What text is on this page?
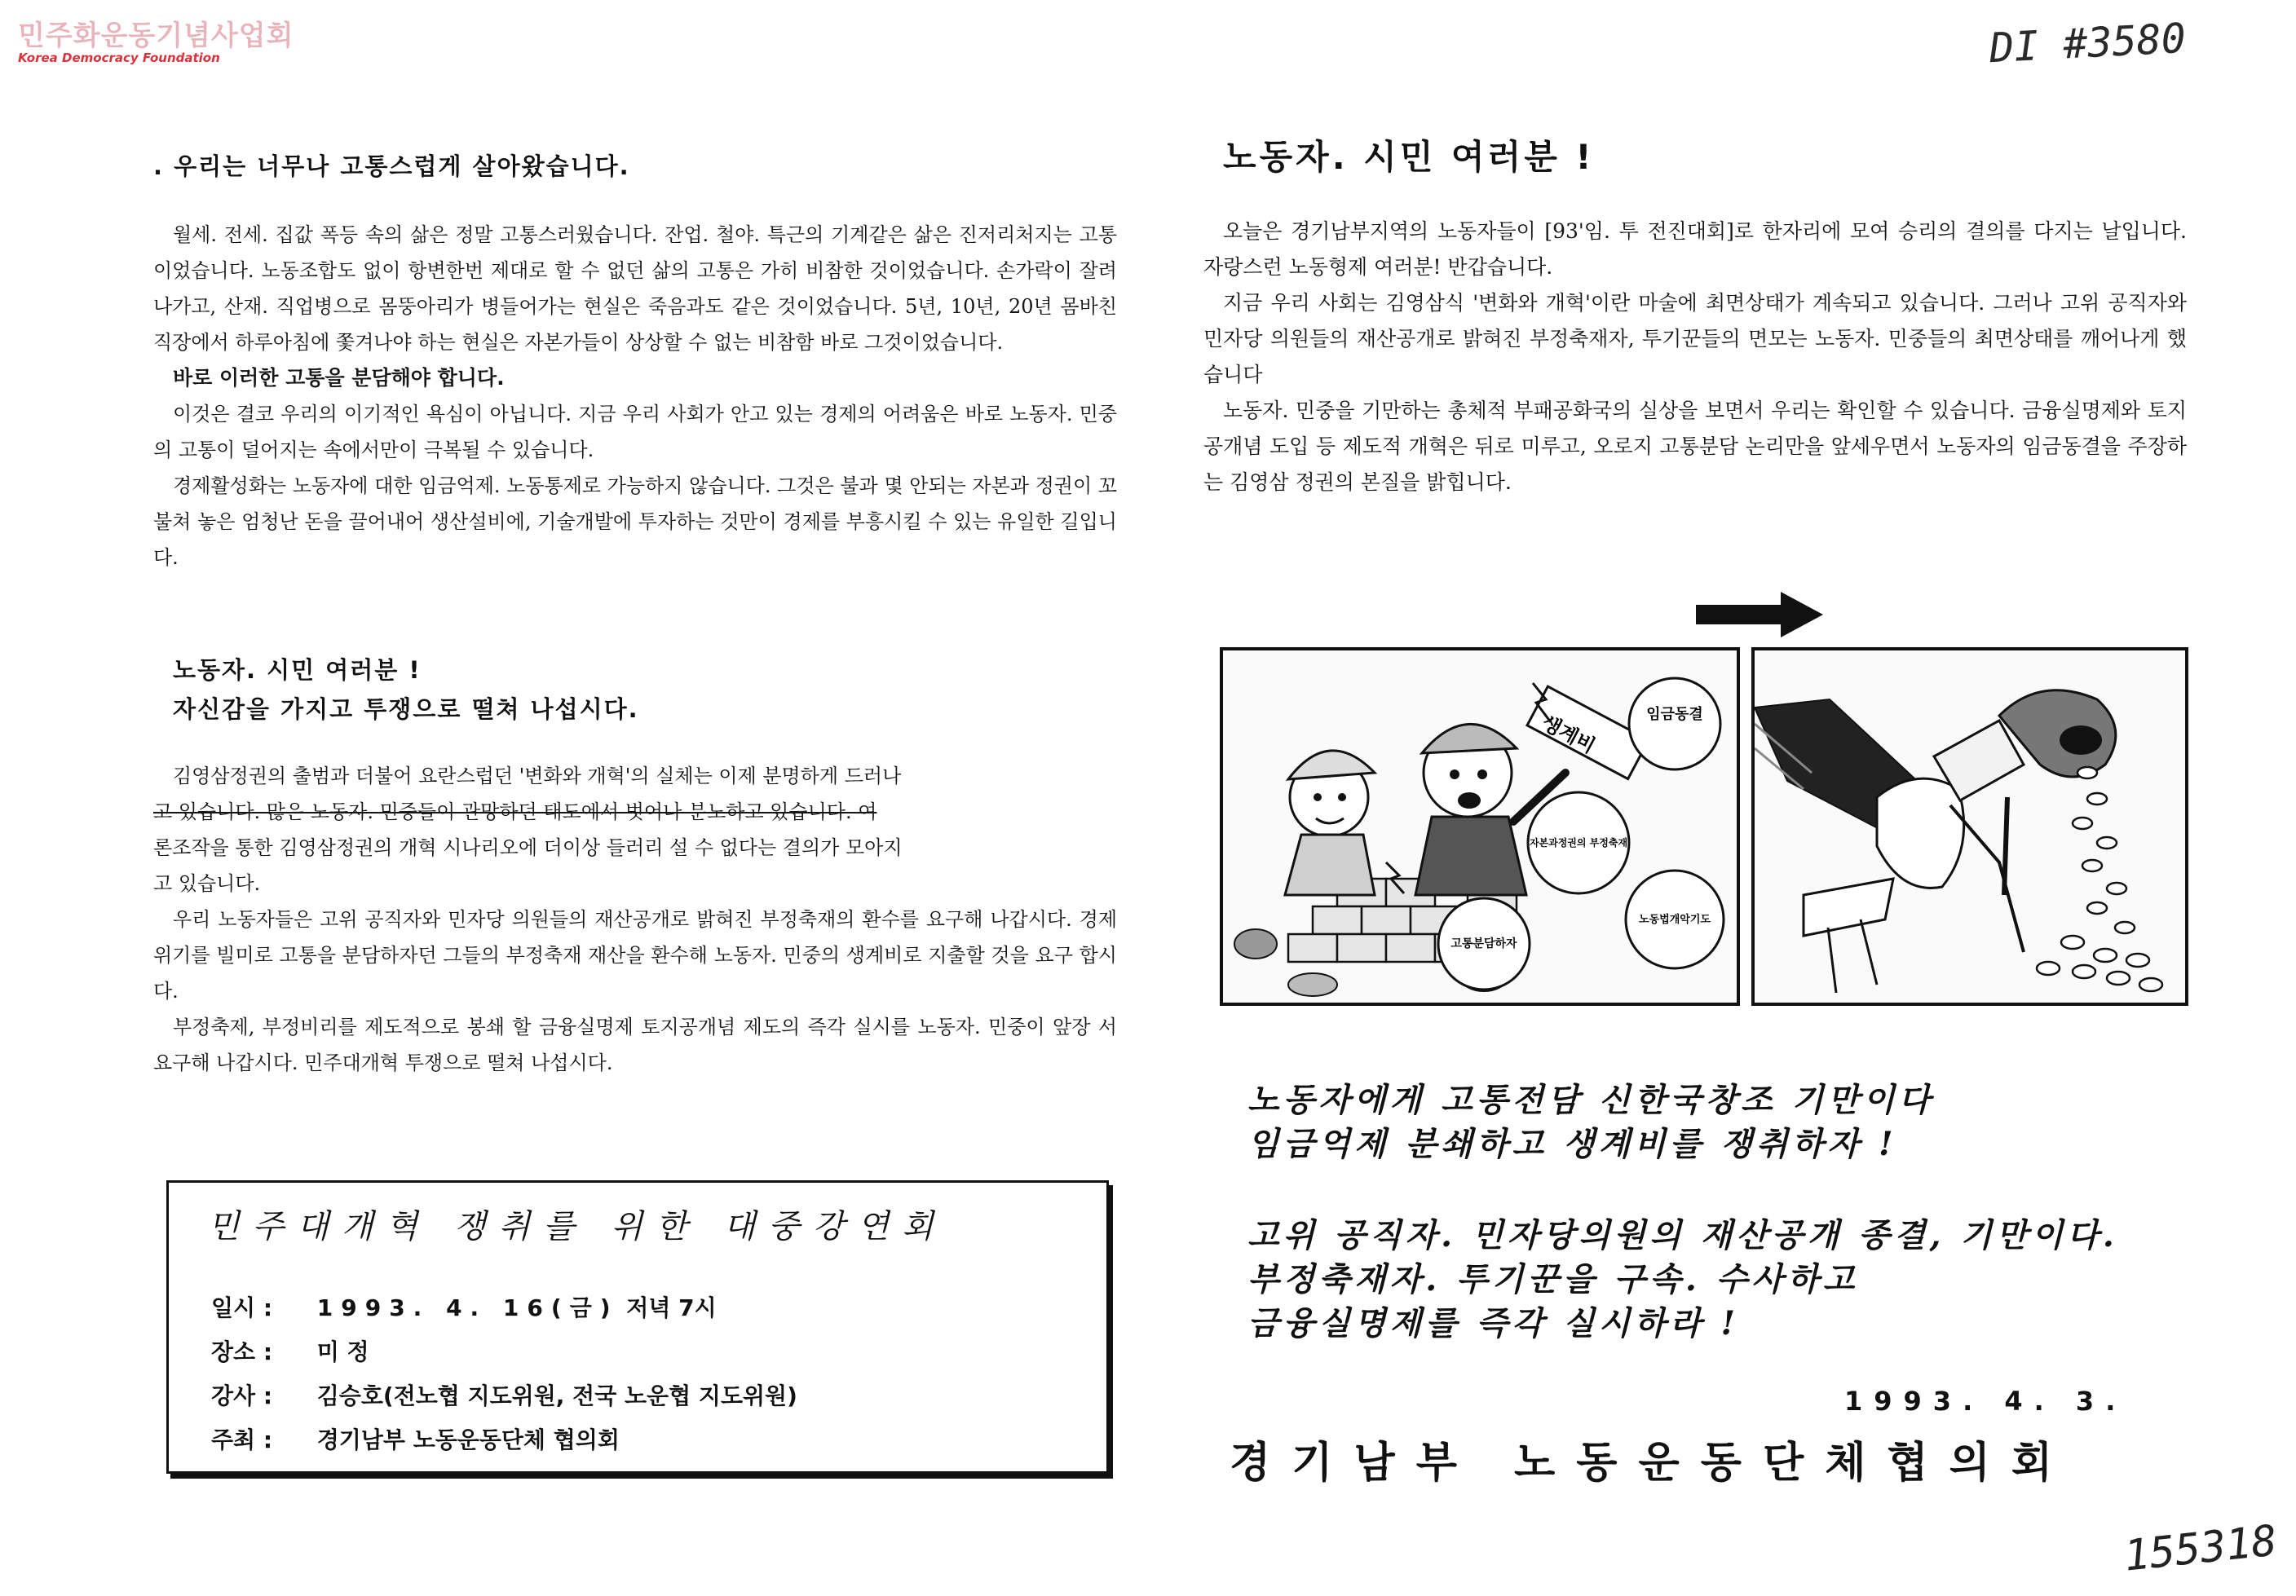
민주화운동기념사업회
Korea Democracy Foundation	DI #3580
155318
. 우리는 너무나 고통스럽게 살아왔습니다.

월세. 전세. 집값 폭등 속의 삶은 정말 고통스러웠습니다. 잔업. 철야. 특근의 기계같은 삶은 진저리처지는 고통이었습니다. 노동조합도 없이 항변한번 제대로 할 수 없던 삶의 고통은 가히 비참한 것이었습니다. 손가락이 잘려 나가고, 산재. 직업병으로 몸뚱아리가 병들어가는 현실은 죽음과도 같은 것이었습니다. 5년, 10년, 20년 몸바친 직장에서 하루아침에 쫓겨나야 하는 현실은 자본가들이 상상할 수 없는 비참함 바로 그것이었습니다.

바로 이러한 고통을 분담해야 합니다.

이것은 결코 우리의 이기적인 욕심이 아닙니다. 지금 우리 사회가 안고 있는 경제의 어려움은 바로 노동자. 민중의 고통이 덜어지는 속에서만이 극복될 수 있습니다.

경제활성화는 노동자에 대한 임금억제. 노동통제로 가능하지 않습니다. 그것은 불과 몇 안되는 자본과 정권이 꼬불쳐 놓은 엄청난 돈을 끌어내어 생산설비에, 기술개발에 투자하는 것만이 경제를 부흥시킬 수 있는 유일한 길입니다.

노동자. 시민 여러분 !
자신감을 가지고 투쟁으로 떨쳐 나섭시다.

김영삼정권의 출범과 더불어 요란스럽던 '변화와 개혁'의 실체는 이제 분명하게 드러나
고 있습니다. 많은 노동자. 민중들이 관망하던 태도에서 벗어나 분노하고 있습니다. 여
론조작을 통한 김영삼정권의 개혁 시나리오에 더이상 들러리 설 수 없다는 결의가 모아지
고 있습니다.

우리 노동자들은 고위 공직자와 민자당 의원들의 재산공개로 밝혀진 부정축재의 환수를 요구해 나갑시다. 경제위기를 빌미로 고통을 분담하자던 그들의 부정축재 재산을 환수해 노동자. 민중의 생계비로 지출할 것을 요구 합시다.

부정축제, 부정비리를 제도적으로 봉쇄 할 금융실명제 토지공개념 제도의 즉각 실시를 노동자. 민중이 앞장 서 요구해 나갑시다. 민주대개혁 투쟁으로 떨쳐 나섭시다.

민주대개혁 쟁취를 위한 대중강연회
일시 : 1993. 4. 16(금) 저녁 7시
장소 : 미 정
강사 : 김승호(전노협 지도위원, 전국 노운협 지도위원)
주최 : 경기남부 노동운동단체 협의회
노동자. 시민 여러분 !

오늘은 경기남부지역의 노동자들이 [93'임. 투 전진대회]로 한자리에 모여 승리의 결의를 다지는 날입니다. 자랑스런 노동형제 여러분! 반갑습니다.

지금 우리 사회는 김영삼식 '변화와 개혁'이란 마술에 최면상태가 계속되고 있습니다. 그러나 고위 공직자와 민자당 의원들의 재산공개로 밝혀진 부정축재자, 투기꾼들의 면모는 노동자. 민중들의 최면상태를 깨어나게 했습니다

노동자. 민중을 기만하는 총체적 부패공화국의 실상을 보면서 우리는 확인할 수 있습니다. 금융실명제와 토지공개념 도입 등 제도적 개혁은 뒤로 미루고, 오로지 고통분담 논리만을 앞세우면서 노동자의 임금동결을 주장하는 김영삼 정권의 본질을 밝힙니다.

생계비	임금동결
자본과정권의 부정축재
고통분담하자
노동법개악기도
노동자에게 고통전담 신한국창조 기만이다
임금억제 분쇄하고 생계비를 쟁취하자 !
고위 공직자. 민자당의원의 재산공개 종결, 기만이다.
부정축재자. 투기꾼을 구속. 수사하고
금융실명제를 즉각 실시하라 !
1993. 4. 3.
경기남부 노동운동단체협의회
